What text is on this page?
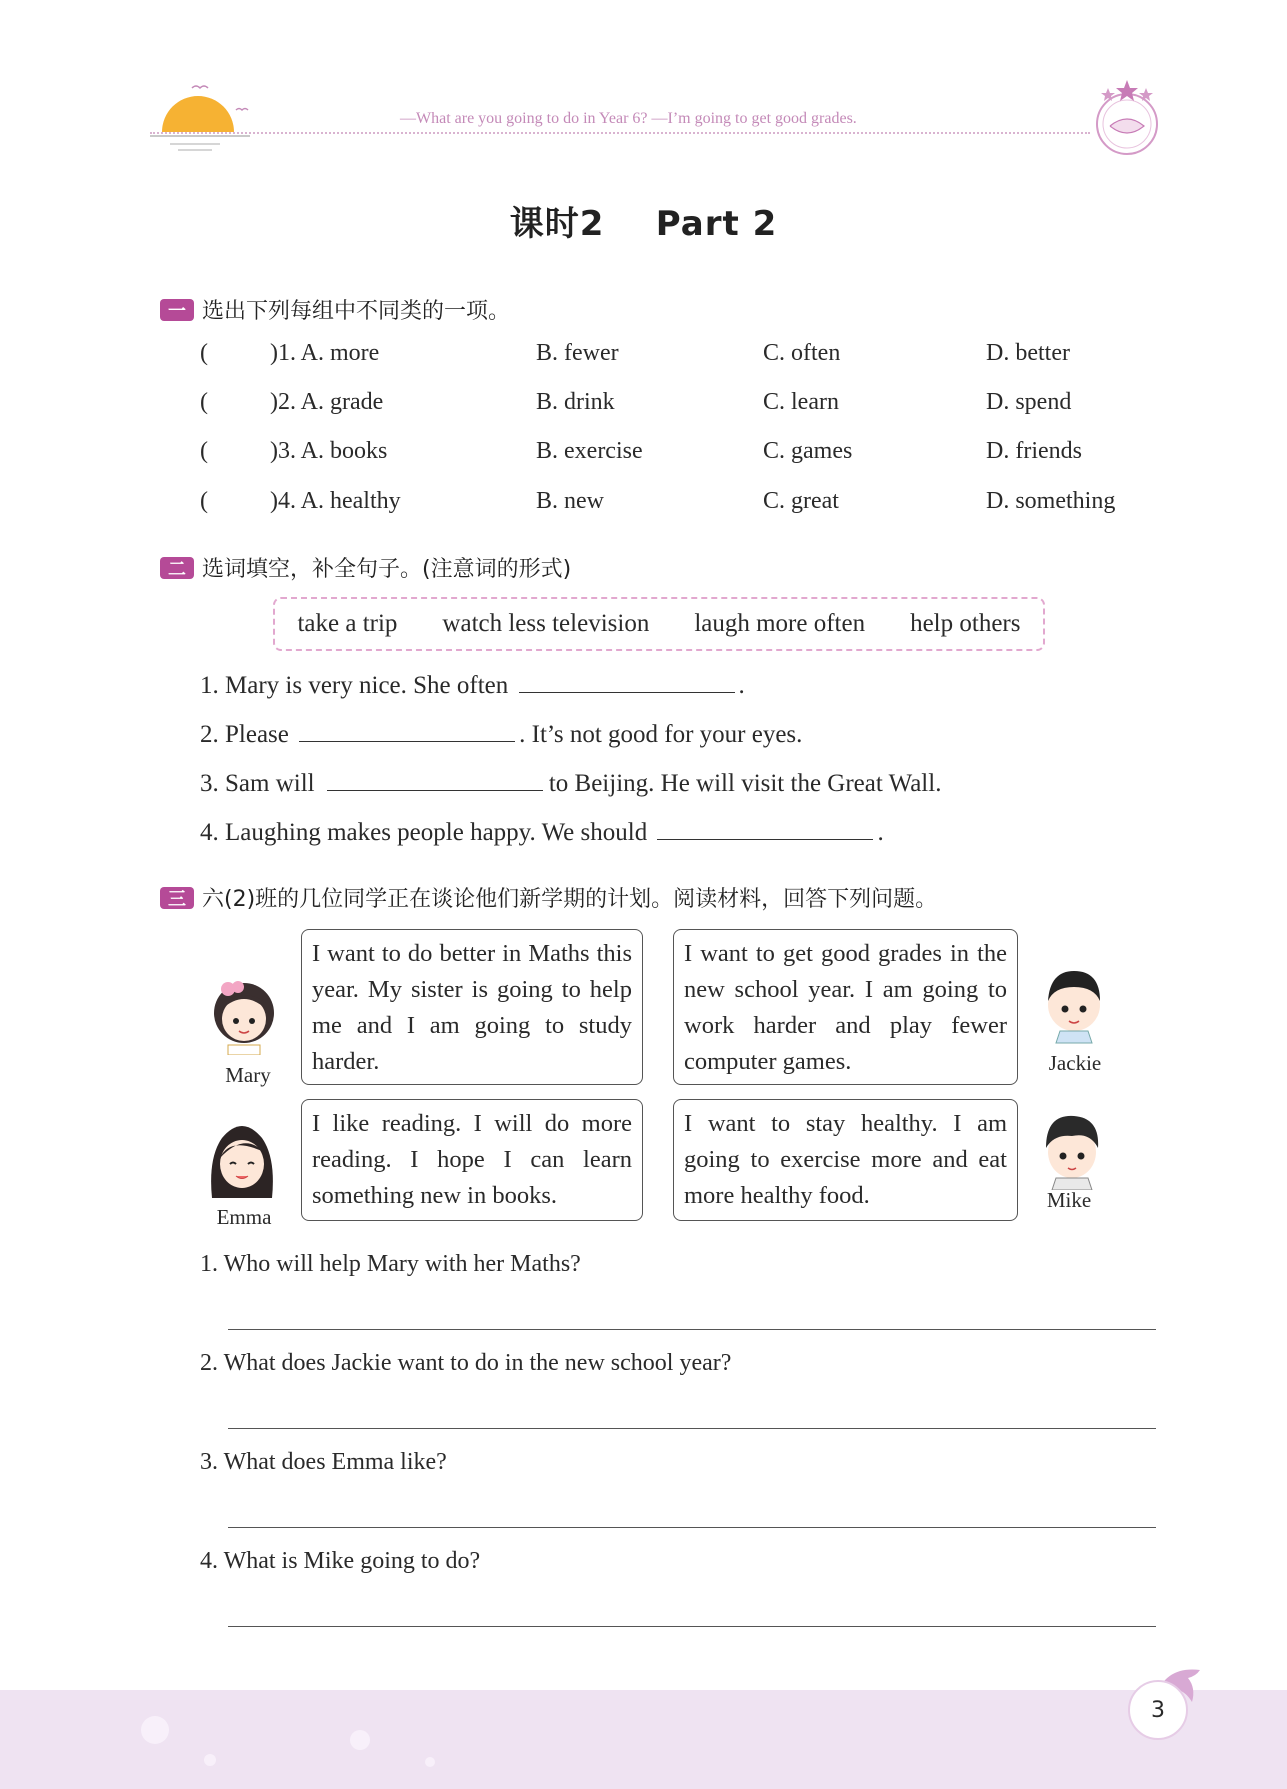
—What are you going to do in Year 6? —I’m going to get good grades.
课时2    Part 2
一 选出下列每组中不同类的一项。
(	)1. A. more	B. fewer	C. often	D. better
(	)2. A. grade	B. drink	C. learn	D. spend
(	)3. A. books	B. exercise	C. games	D. friends
(	)4. A. healthy	B. new	C. great	D. something
二 选词填空，补全句子。(注意词的形式)
take a trip watch less television laugh more often help others
1. Mary is very nice. She often	.
2. Please	. It’s not good for your eyes.
3. Sam will	to Beijing. He will visit the Great Wall.
4. Laughing makes people happy. We should	.
三 六(2)班的几位同学正在谈论他们新学期的计划。阅读材料，回答下列问题。
Mary

I want to do better in Maths this year. My sister is going to help me and I am going to study harder.

I want to get good grades in the new school year. I am going to work harder and play fewer computer games.	Jackie
Emma

I like reading. I will do more reading. I hope I can learn something new in books.

I want to stay healthy. I am going to exercise more and eat more healthy food.	Mike
1. Who will help Mary with her Maths?
2. What does Jackie want to do in the new school year?
3. What does Emma like?
4. What is Mike going to do?
3
